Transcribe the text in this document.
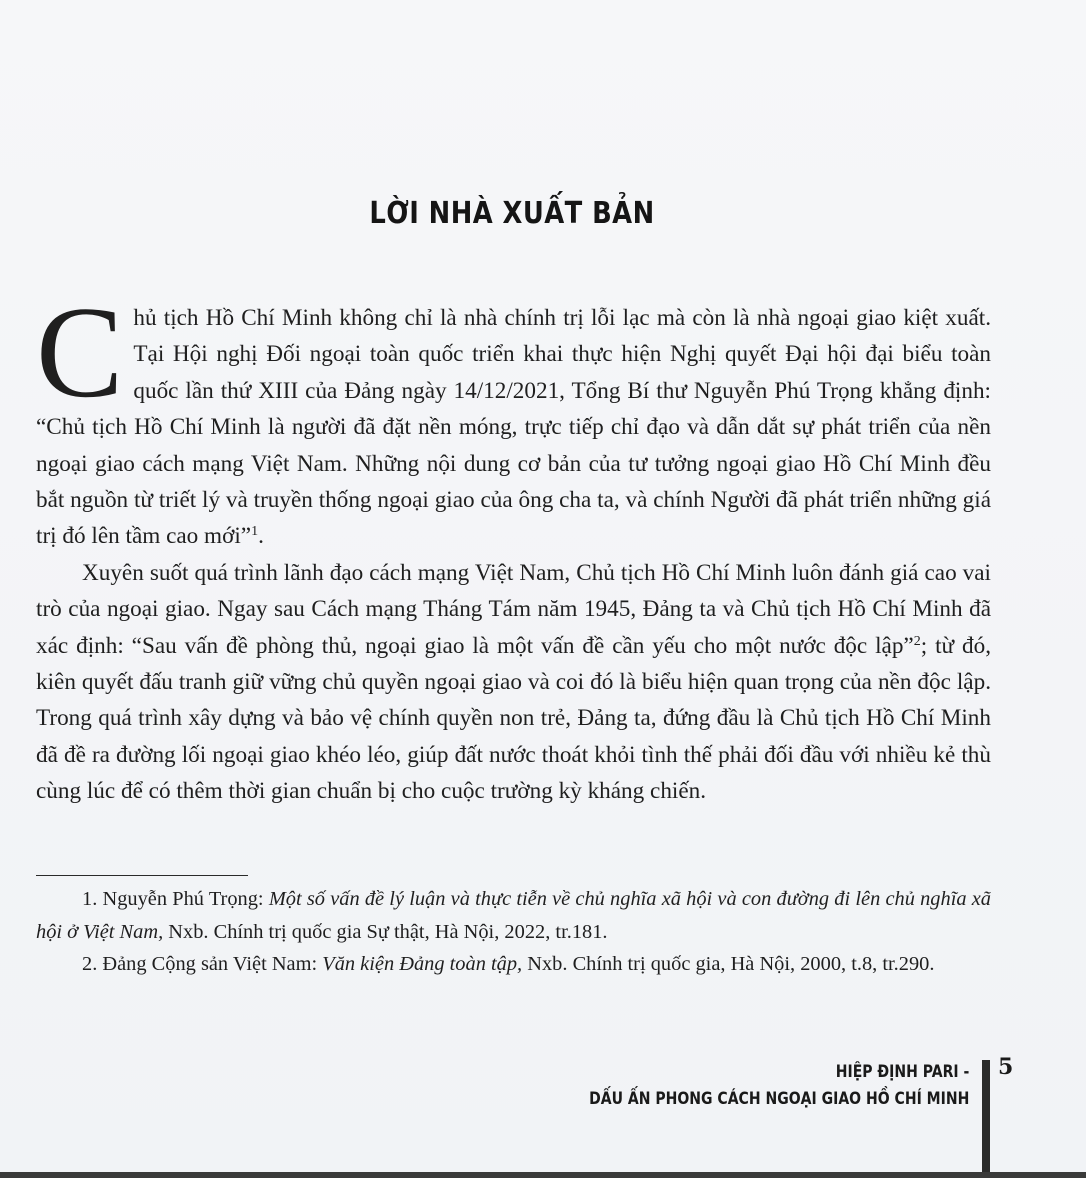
LỜI NHÀ XUẤT BẢN

Chủ tịch Hồ Chí Minh không chỉ là nhà chính trị lỗi lạc mà còn là nhà ngoại giao kiệt xuất. Tại Hội nghị Đối ngoại toàn quốc triển khai thực hiện Nghị quyết Đại hội đại biểu toàn quốc lần thứ XIII của Đảng ngày 14/12/2021, Tổng Bí thư Nguyễn Phú Trọng khẳng định: “Chủ tịch Hồ Chí Minh là người đã đặt nền móng, trực tiếp chỉ đạo và dẫn dắt sự phát triển của nền ngoại giao cách mạng Việt Nam. Những nội dung cơ bản của tư tưởng ngoại giao Hồ Chí Minh đều bắt nguồn từ triết lý và truyền thống ngoại giao của ông cha ta, và chính Người đã phát triển những giá trị đó lên tầm cao mới”$^1$.

Xuyên suốt quá trình lãnh đạo cách mạng Việt Nam, Chủ tịch Hồ Chí Minh luôn đánh giá cao vai trò của ngoại giao. Ngay sau Cách mạng Tháng Tám năm 1945, Đảng ta và Chủ tịch Hồ Chí Minh đã xác định: “Sau vấn đề phòng thủ, ngoại giao là một vấn đề cần yếu cho một nước độc lập”$^2$; từ đó, kiên quyết đấu tranh giữ vững chủ quyền ngoại giao và coi đó là biểu hiện quan trọng của nền độc lập. Trong quá trình xây dựng và bảo vệ chính quyền non trẻ, Đảng ta, đứng đầu là Chủ tịch Hồ Chí Minh đã đề ra đường lối ngoại giao khéo léo, giúp đất nước thoát khỏi tình thế phải đối đầu với nhiều kẻ thù cùng lúc để có thêm thời gian chuẩn bị cho cuộc trường kỳ kháng chiến.

1. Nguyễn Phú Trọng: Một số vấn đề lý luận và thực tiễn về chủ nghĩa xã hội và con đường đi lên chủ nghĩa xã hội ở Việt Nam, Nxb. Chính trị quốc gia Sự thật, Hà Nội, 2022, tr.181.

2. Đảng Cộng sản Việt Nam: Văn kiện Đảng toàn tập, Nxb. Chính trị quốc gia, Hà Nội, 2000, t.8, tr.290.

HIỆP ĐỊNH PARI -
DẤU ẤN PHONG CÁCH NGOẠI GIAO HỒ CHÍ MINH
5
